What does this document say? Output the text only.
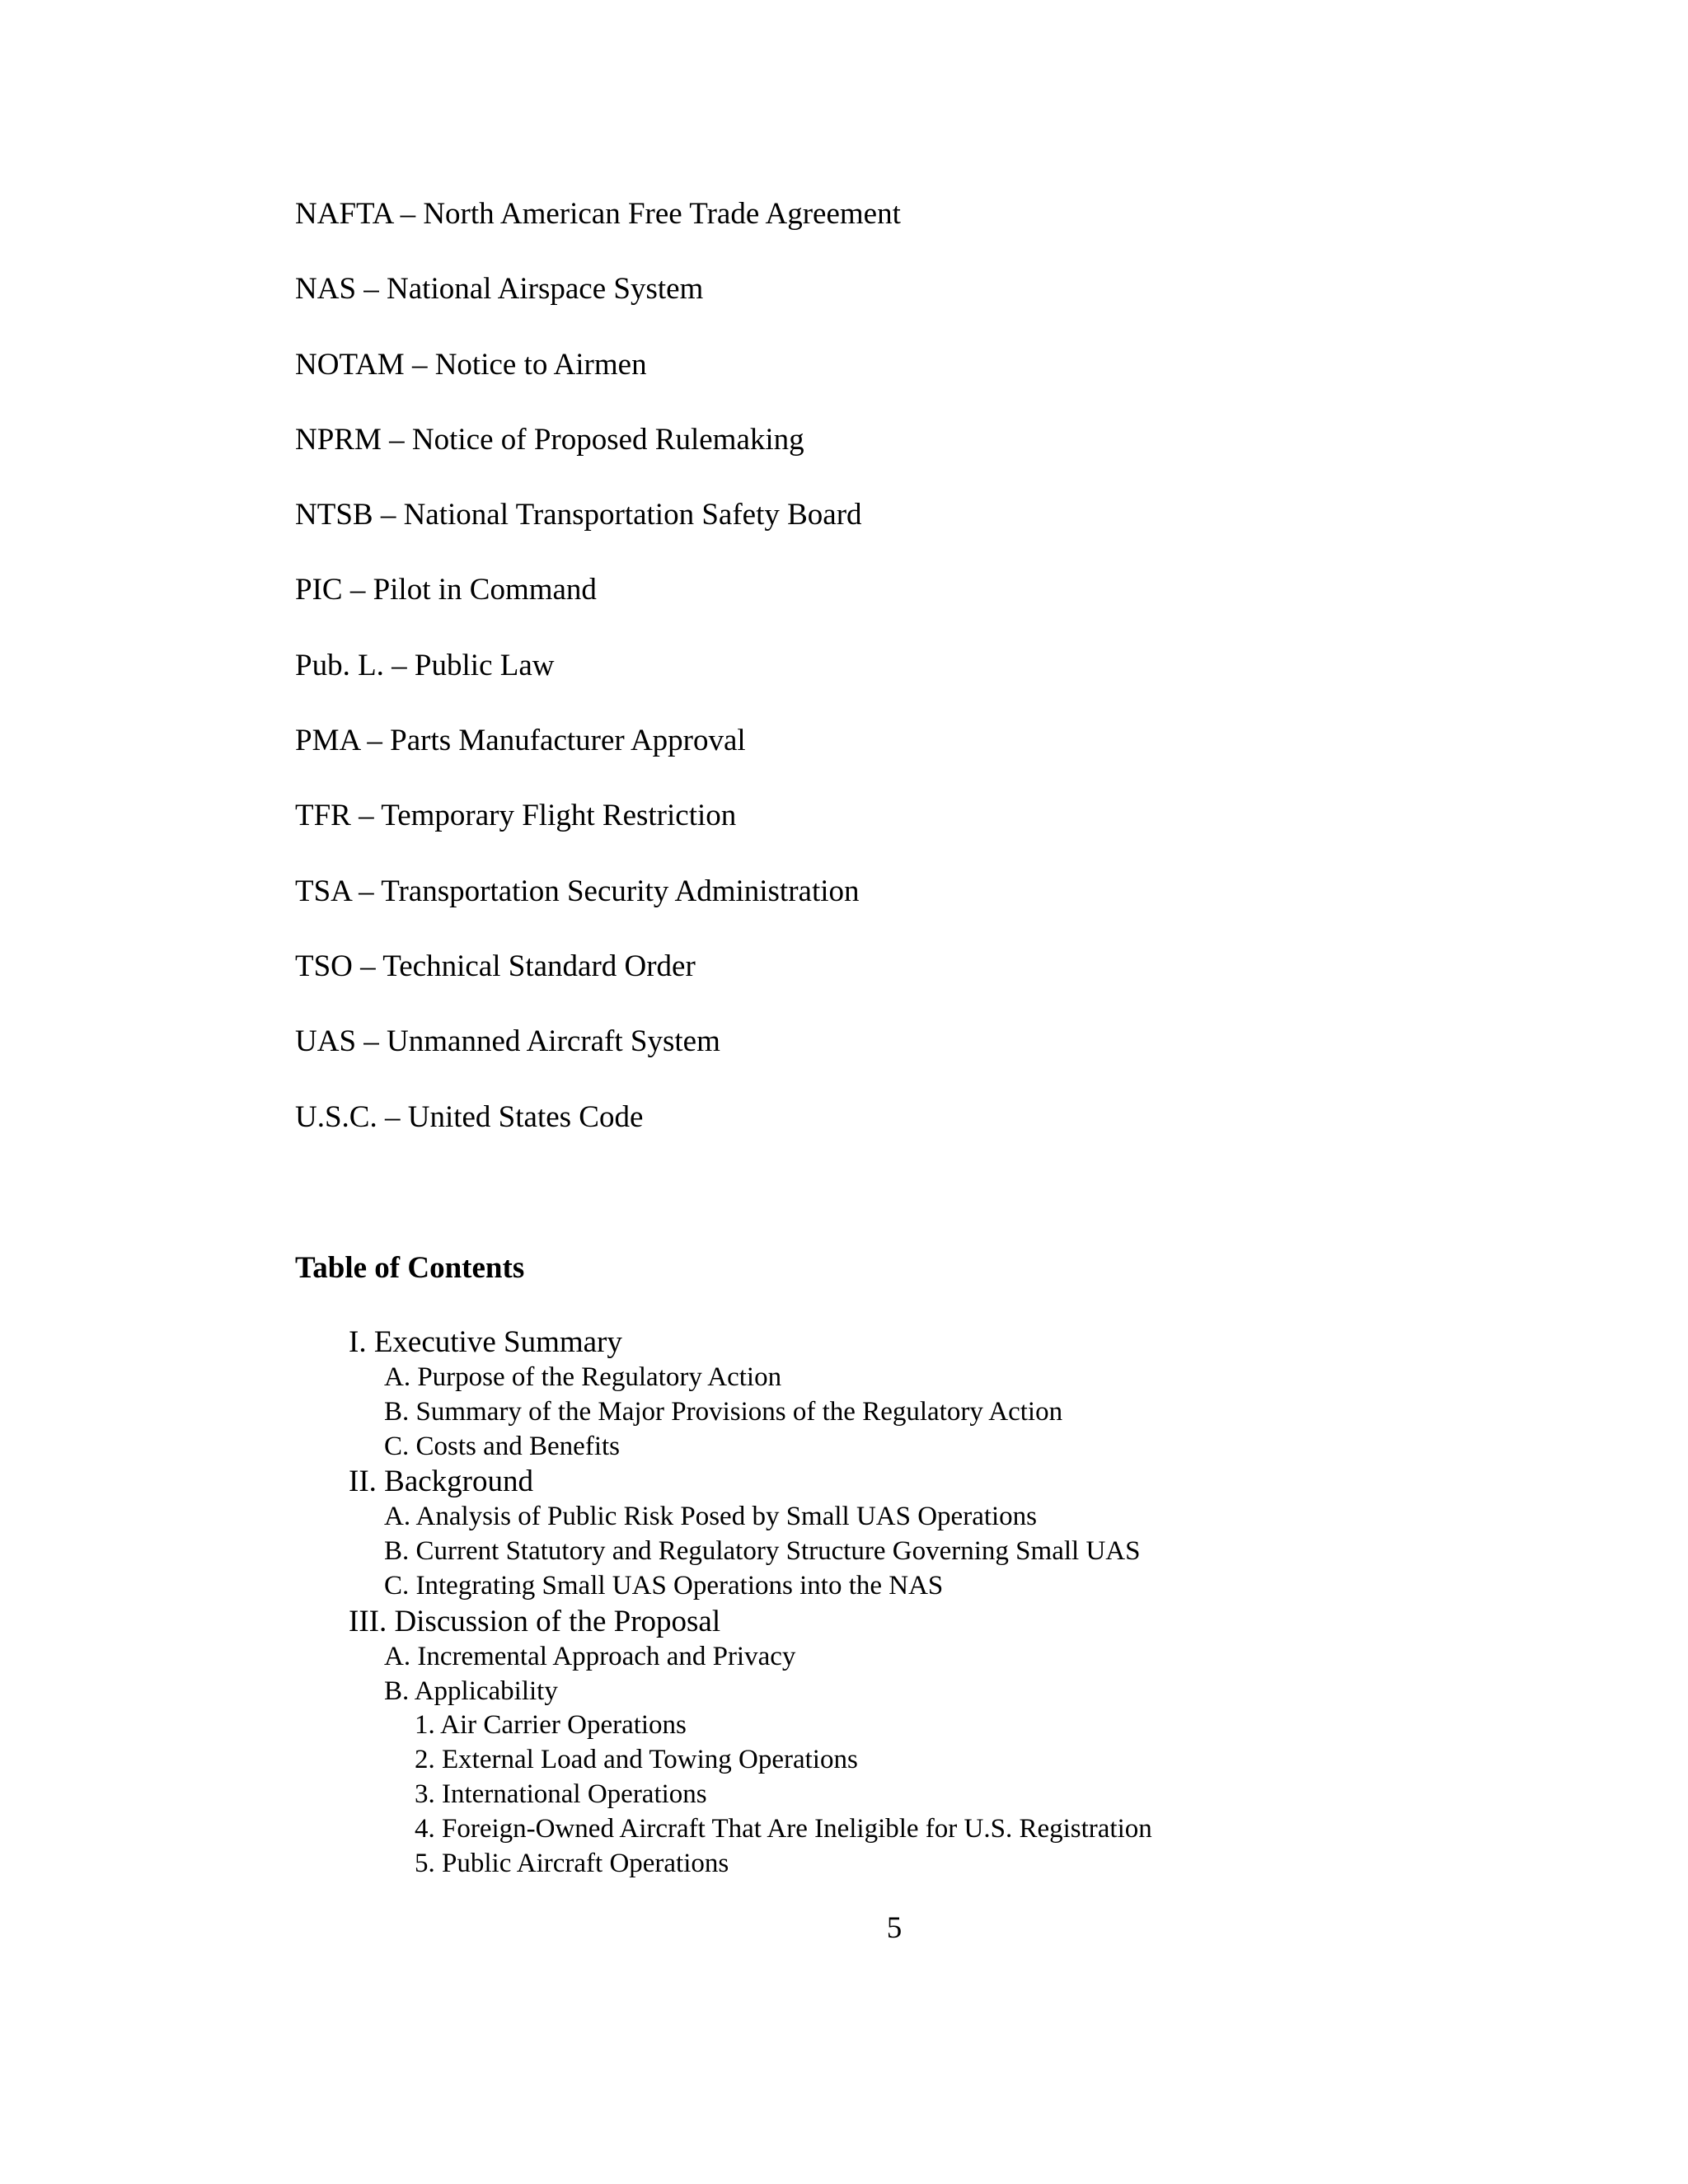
NAFTA – North American Free Trade Agreement
NAS – National Airspace System
NOTAM – Notice to Airmen
NPRM – Notice of Proposed Rulemaking
NTSB – National Transportation Safety Board
PIC – Pilot in Command
Pub. L. – Public Law
PMA – Parts Manufacturer Approval
TFR – Temporary Flight Restriction
TSA – Transportation Security Administration
TSO – Technical Standard Order
UAS – Unmanned Aircraft System
U.S.C. – United States Code
Table of Contents
I. Executive Summary
A. Purpose of the Regulatory Action
B. Summary of the Major Provisions of the Regulatory Action
C. Costs and Benefits
II. Background
A. Analysis of Public Risk Posed by Small UAS Operations
B. Current Statutory and Regulatory Structure Governing Small UAS
C. Integrating Small UAS Operations into the NAS
III. Discussion of the Proposal
A. Incremental Approach and Privacy
B. Applicability
1. Air Carrier Operations
2. External Load and Towing Operations
3. International Operations
4. Foreign-Owned Aircraft That Are Ineligible for U.S. Registration
5. Public Aircraft Operations
5
